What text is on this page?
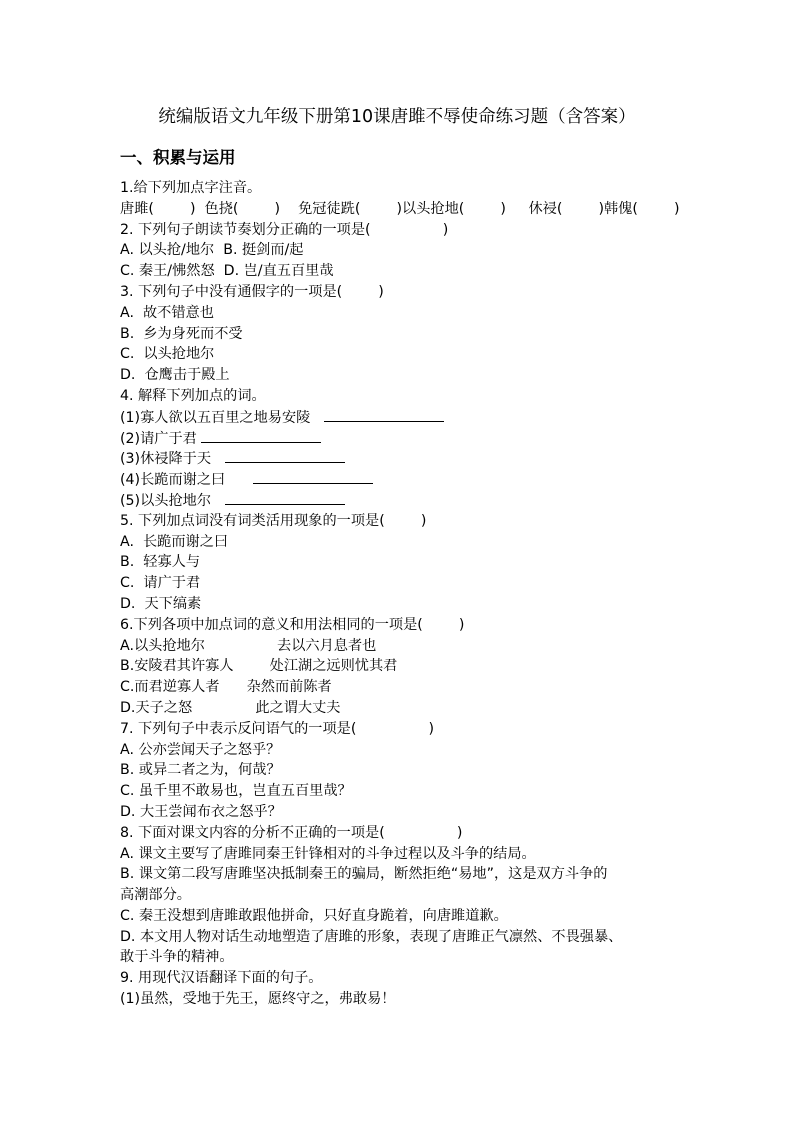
统编版语文九年级下册第10课唐雎不辱使命练习题（含答案）
一、积累与运用
1.给下列加点字注音。
唐雎(        )  色挠(        )    免冠徒跣(        )以头抢地(        )     休祲(        )韩傀(        )
2. 下列句子朗读节奏划分正确的一项是(                )
A. 以头抢/地尔  B. 挺剑而/起
C. 秦王/怫然怒  D. 岂/直五百里哉
3. 下列句子中没有通假字的一项是(        )
A.  故不错意也
B.  乡为身死而不受
C.  以头抢地尔
D.  仓鹰击于殿上
4. 解释下列加点的词。
(1)寡人欲以五百里之地易安陵
(2)请广于君
(3)休祲降于天
(4)长跪而谢之曰
(5)以头抢地尔
5. 下列加点词没有词类活用现象的一项是(        )
A.  长跪而谢之曰
B.  轻寡人与
C.  请广于君
D.  天下缟素
6.下列各项中加点词的意义和用法相同的一项是(        )
A.以头抢地尔                去以六月息者也
B.安陵君其许寡人        处江湖之远则忧其君
C.而君逆寡人者      杂然而前陈者
D.天子之怒              此之谓大丈夫
7. 下列句子中表示反问语气的一项是(                )
A. 公亦尝闻天子之怒乎？
B. 或异二者之为，何哉？
C. 虽千里不敢易也，岂直五百里哉？
D. 大王尝闻布衣之怒乎？
8. 下面对课文内容的分析不正确的一项是(                )
A. 课文主要写了唐雎同秦王针锋相对的斗争过程以及斗争的结局。
B. 课文第二段写唐雎坚决抵制秦王的骗局，断然拒绝“易地”，这是双方斗争的
高潮部分。
C. 秦王没想到唐雎敢跟他拼命，只好直身跪着，向唐雎道歉。
D. 本文用人物对话生动地塑造了唐雎的形象，表现了唐雎正气凛然、不畏强暴、
敢于斗争的精神。
9. 用现代汉语翻译下面的句子。
(1)虽然，受地于先王，愿终守之，弗敢易！
